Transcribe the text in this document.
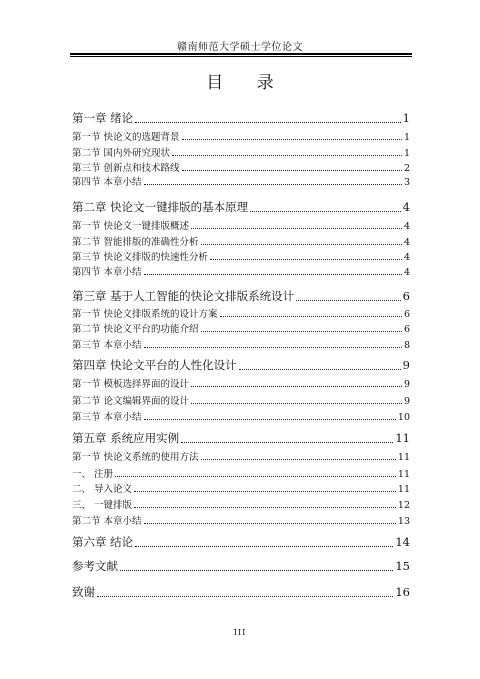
赣南师范大学硕士学位论文
目 录
第一章 绪论	1
第一节 快论文的选题背景	1
第二节 国内外研究现状	1
第三节 创新点和技术路线	2
第四节 本章小结	3
第二章 快论文一键排版的基本原理	4
第一节 快论文一键排版概述	4
第二节 智能排版的准确性分析	4
第三节 快论文排版的快速性分析	4
第四节 本章小结	4
第三章 基于人工智能的快论文排版系统设计	6
第一节 快论文排版系统的设计方案	6
第二节 快论文平台的功能介绍	6
第三节 本章小结	8
第四章 快论文平台的人性化设计	9
第一节 模板选择界面的设计	9
第二节 论文编辑界面的设计	9
第三节 本章小结	10
第五章 系统应用实例	11
第一节 快论文系统的使用方法	11
一、 注册	11
二、 导入论文	11
三、 一键排版	12
第二节 本章小结	13
第六章 结论	14
参考文献	15
致谢	16
III
